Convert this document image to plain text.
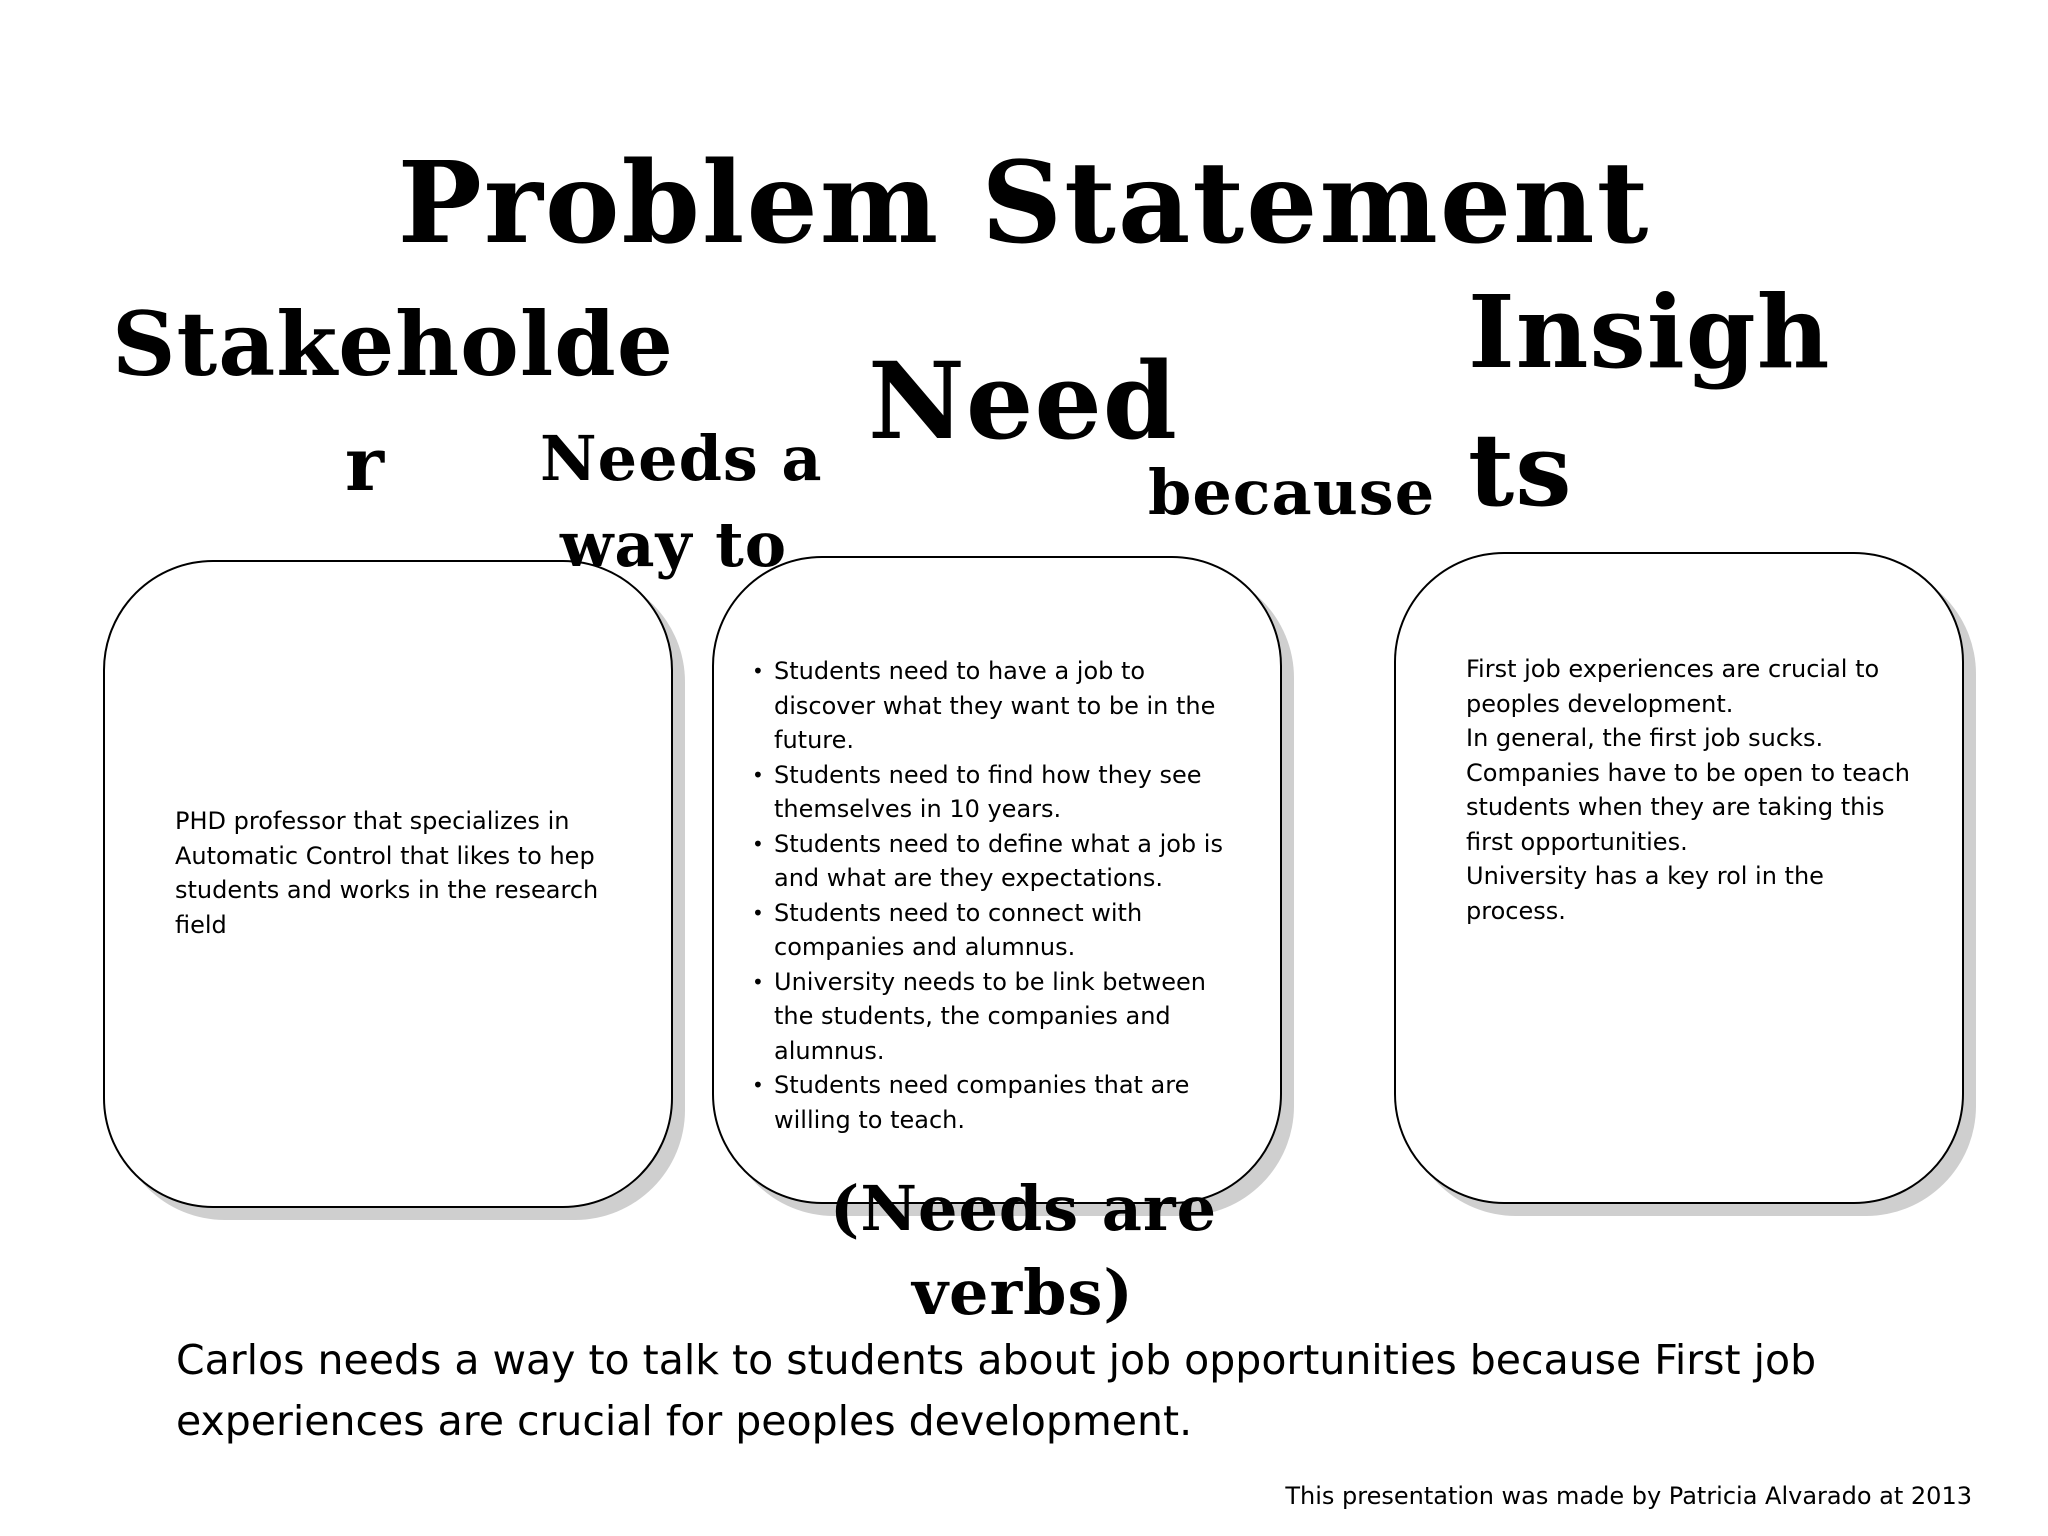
Problem Statement
Stakeholde
r
Need
Insigh
ts
because
PHD professor that specializes in Automatic Control that likes to hep students and works in the research field
• Students need to have a job to discover what they want to be in the future.
• Students need to find how they see themselves in 10 years.
• Students need to define what a job is and what are they expectations.
• Students need to connect with companies and alumnus.
• University needs to be link between the students, the companies and alumnus.
• Students need companies that are willing to teach.
First job experiences are crucial to peoples development.
In general, the first job sucks.
Companies have to be open to teach students when they are taking this first opportunities.
University has a key rol in the process.
Needs a
way to
(Needs are
verbs)
Carlos needs a way to talk to students about job opportunities because First job experiences are crucial for peoples development.
This presentation was made by Patricia Alvarado at 2013
